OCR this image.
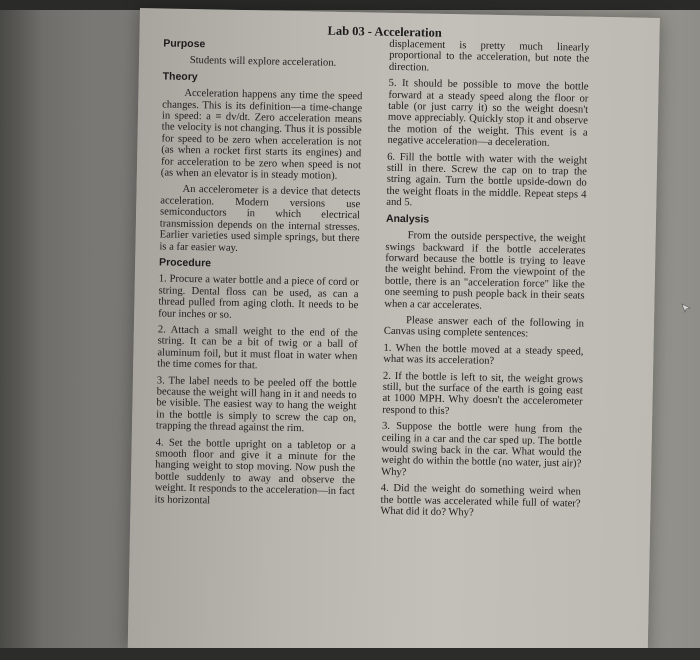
Lab 03 - Acceleration
Purpose

Students will explore acceleration.

Theory

Acceleration happens any time the speed changes. This is its definition—a time-change in speed: a ≡ dv/dt. Zero acceleration means the velocity is not changing. Thus it is possible for speed to be zero when acceleration is not (as when a rocket first starts its engines) and for acceleration to be zero when speed is not (as when an elevator is in steady motion).

An accelerometer is a device that detects acceleration. Modern versions use semiconductors in which electrical transmission depends on the internal stresses. Earlier varieties used simple springs, but there is a far easier way.

Procedure

1. Procure a water bottle and a piece of cord or string. Dental floss can be used, as can a thread pulled from aging cloth. It needs to be four inches or so.

2. Attach a small weight to the end of the string. It can be a bit of twig or a ball of aluminum foil, but it must float in water when the time comes for that.

3. The label needs to be peeled off the bottle because the weight will hang in it and needs to be visible. The easiest way to hang the weight in the bottle is simply to screw the cap on, trapping the thread against the rim.

4. Set the bottle upright on a tabletop or a smooth floor and give it a minute for the hanging weight to stop moving. Now push the bottle suddenly to away and observe the weight. It responds to the acceleration—in fact its horizontal

displacement is pretty much linearly proportional to the acceleration, but note the direction.

5. It should be possible to move the bottle forward at a steady speed along the floor or table (or just carry it) so the weight doesn't move appreciably. Quickly stop it and observe the motion of the weight. This event is a negative acceleration—a deceleration.

6. Fill the bottle with water with the weight still in there. Screw the cap on to trap the string again. Turn the bottle upside-down do the weight floats in the middle. Repeat steps 4 and 5.

Analysis

From the outside perspective, the weight swings backward if the bottle accelerates forward because the bottle is trying to leave the weight behind. From the viewpoint of the bottle, there is an "acceleration force" like the one seeming to push people back in their seats when a car accelerates.

Please answer each of the following in Canvas using complete sentences:

1. When the bottle moved at a steady speed, what was its acceleration?

2. If the bottle is left to sit, the weight grows still, but the surface of the earth is going east at 1000 MPH. Why doesn't the accelerometer respond to this?

3. Suppose the bottle were hung from the ceiling in a car and the car sped up. The bottle would swing back in the car. What would the weight do within the bottle (no water, just air)? Why?

4. Did the weight do something weird when the bottle was accelerated while full of water? What did it do? Why?
